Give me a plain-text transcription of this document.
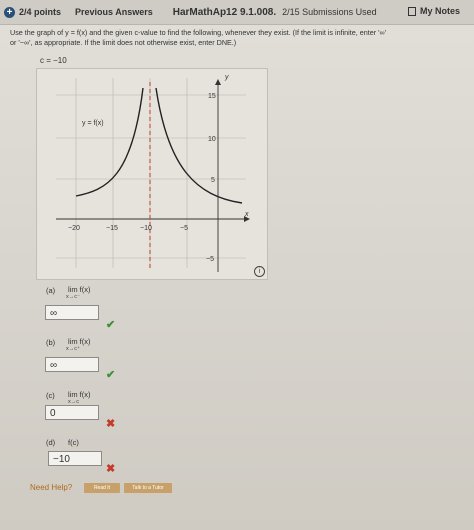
+ 2/4 points Previous Answers HarMathAp12 9.1.008. 2/15 Submissions Used	My Notes
Use the graph of y = f(x) and the given c-value to find the following, whenever they exist. (If the limit is infinite, enter '∞'
or '−∞', as appropriate. If the limit does not otherwise exist, enter DNE.)
c = −10
y
x
y = f(x)
−20	−15	−10	−5
15
10
5
−5
i
(a) lim f(x)
x→c⁻
∞
✔
(b) lim f(x)
x→c⁺
∞
✔
(c) lim f(x)
x→c
0
✖
(d) f(c)
−10
✖
Need Help?	Read It	Talk to a Tutor
